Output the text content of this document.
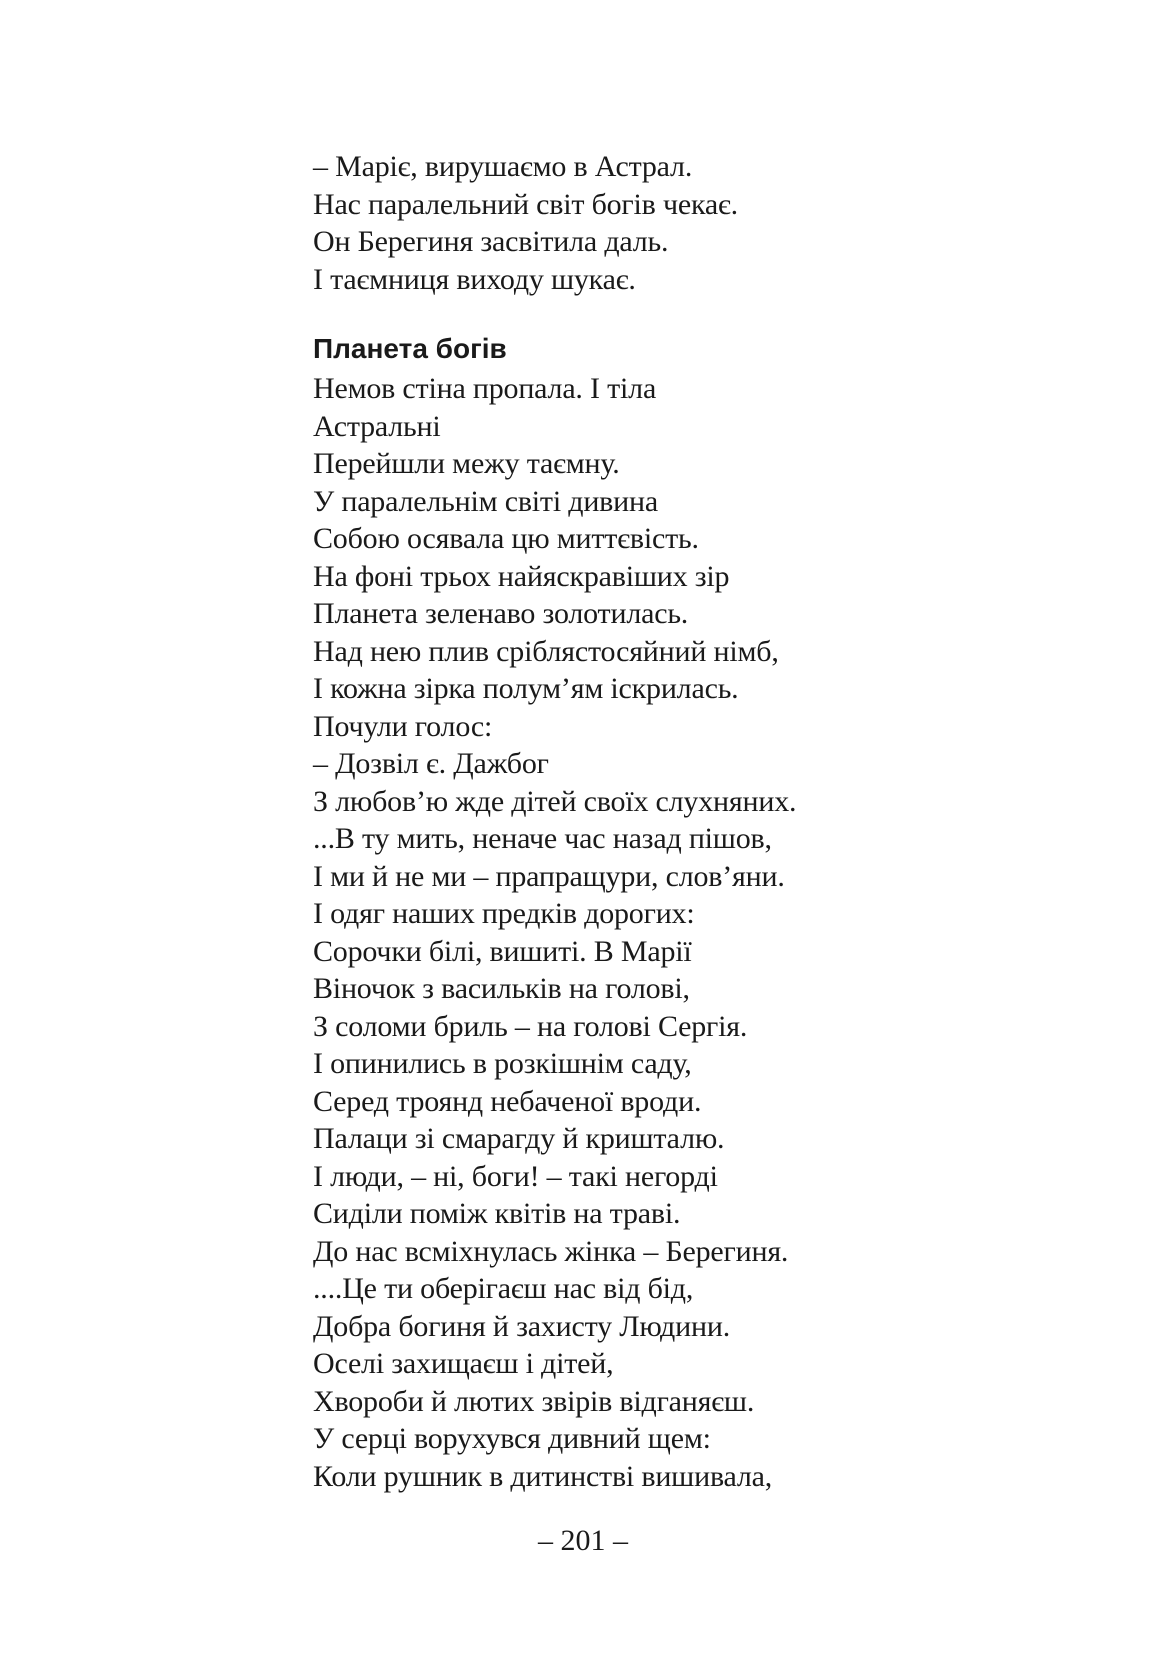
– Маріє, вирушаємо в Астрал.
Нас паралельний світ богів чекає.
Он Берегиня засвітила даль.
І таємниця виходу шукає.
Планета богів
Немов стіна пропала. І тіла
Астральні
Перейшли межу таємну.
У паралельнім світі дивина
Собою осявала цю миттєвість.
На фоні трьох найяскравіших зір
Планета зеленаво золотилась.
Над нею плив сріблястосяйний німб,
І кожна зірка полум’ям іскрилась.
Почули голос:
– Дозвіл є. Дажбог
З любов’ю жде дітей своїх слухняних.
...В ту мить, неначе час назад пішов,
І ми й не ми – прапращури, слов’яни.
І одяг наших предків дорогих:
Сорочки білі, вишиті. В Марії
Віночок з васильків на голові,
З соломи бриль – на голові Сергія.
І опинились в розкішнім саду,
Серед троянд небаченої вроди.
Палаци зі смарагду й кришталю.
І люди, – ні, боги! – такі негорді
Сиділи поміж квітів на траві.
До нас всміхнулась жінка – Берегиня.
....Це ти оберігаєш нас від бід,
Добра богиня й захисту Людини.
Оселі захищаєш і дітей,
Хвороби й лютих звірів відганяєш.
У серці ворухувся дивний щем:
Коли рушник в дитинстві вишивала,
– 201 –
